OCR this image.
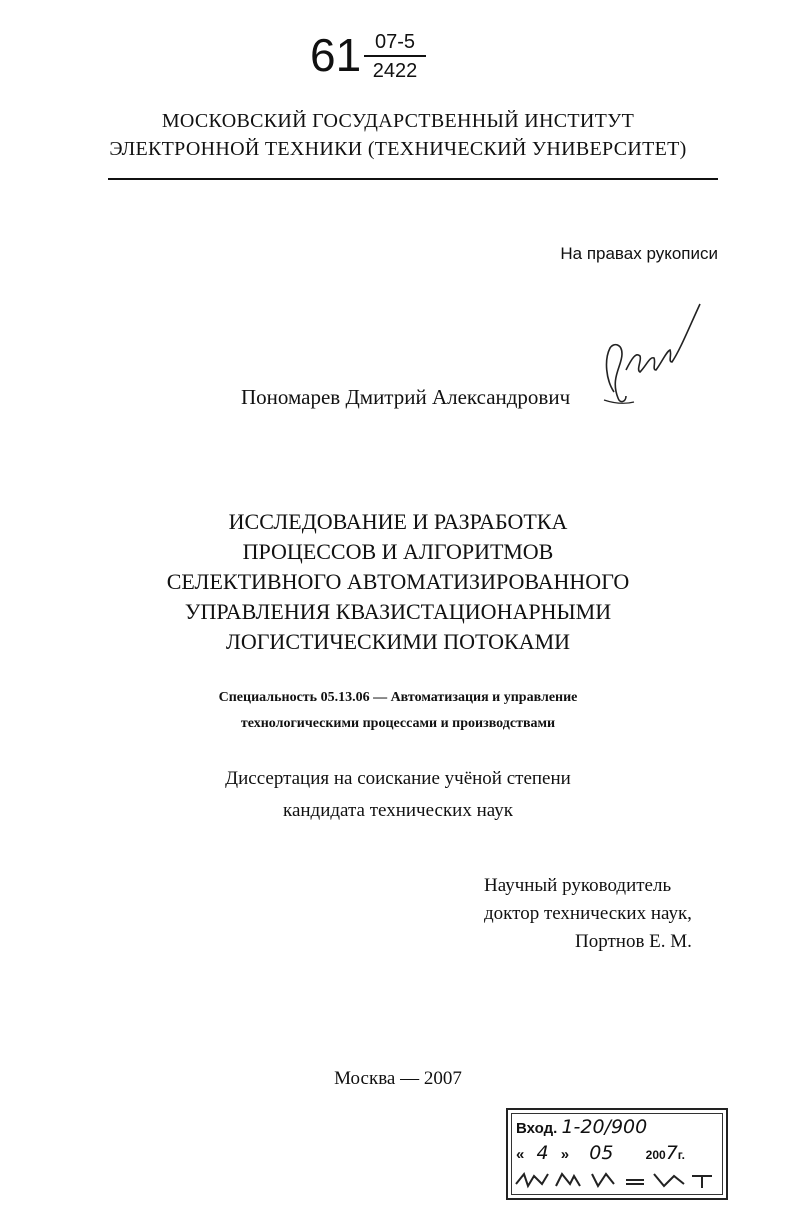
61 07-5
2422
МОСКОВСКИЙ ГОСУДАРСТВЕННЫЙ ИНСТИТУТ
ЭЛЕКТРОННОЙ ТЕХНИКИ (ТЕХНИЧЕСКИЙ УНИВЕРСИТЕТ)
На правах рукописи
Пономарев Дмитрий Александрович
ИССЛЕДОВАНИЕ И РАЗРАБОТКА
ПРОЦЕССОВ И АЛГОРИТМОВ
СЕЛЕКТИВНОГО АВТОМАТИЗИРОВАННОГО
УПРАВЛЕНИЯ КВАЗИСТАЦИОНАРНЫМИ
ЛОГИСТИЧЕСКИМИ ПОТОКАМИ
Специальность 05.13.06 — Автоматизация и управление
технологическими процессами и производствами
Диссертация на соискание учёной степени
кандидата технических наук
Научный руководитель
доктор технических наук,
Портнов Е. М.
Москва — 2007
Вход. 1-20/900
« 4 » 05	2007г.
